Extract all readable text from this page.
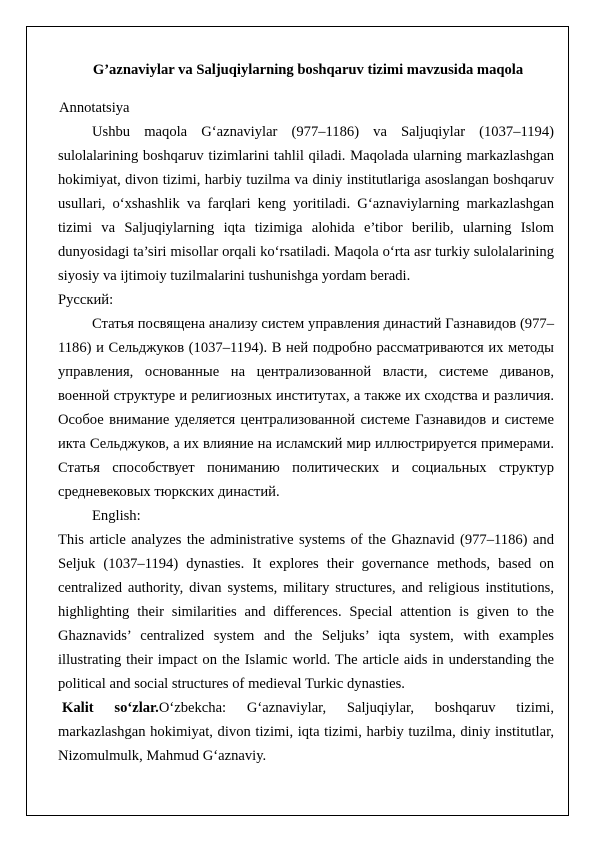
G’aznaviylar va Saljuqiylarning boshqaruv tizimi mavzusida maqola

Annotatsiya

Ushbu maqola G‘aznaviylar (977–1186) va Saljuqiylar (1037–1194) sulolalarining boshqaruv tizimlarini tahlil qiladi. Maqolada ularning markazlashgan hokimiyat, divon tizimi, harbiy tuzilma va diniy institutlariga asoslangan boshqaruv usullari, o‘xshashlik va farqlari keng yoritiladi. G‘aznaviylarning markazlashgan tizimi va Saljuqiylarning iqta tizimiga alohida e’tibor berilib, ularning Islom dunyosidagi ta’siri misollar orqali ko‘rsatiladi. Maqola o‘rta asr turkiy sulolalarining siyosiy va ijtimoiy tuzilmalarini tushunishga yordam beradi.

Русский:

Статья посвящена анализу систем управления династий Газнавидов (977–1186) и Сельджуков (1037–1194). В ней подробно рассматриваются их методы управления, основанные на централизованной власти, системе диванов, военной структуре и религиозных институтах, а также их сходства и различия. Особое внимание уделяется централизованной системе Газнавидов и системе икта Сельджуков, а их влияние на исламский мир иллюстрируется примерами. Статья способствует пониманию политических и социальных структур средневековых тюркских династий.

English:

This article analyzes the administrative systems of the Ghaznavid (977–1186) and Seljuk (1037–1194) dynasties. It explores their governance methods, based on centralized authority, divan systems, military structures, and religious institutions, highlighting their similarities and differences. Special attention is given to the Ghaznavids’ centralized system and the Seljuks’ iqta system, with examples illustrating their impact on the Islamic world. The article aids in understanding the political and social structures of medieval Turkic dynasties.

Kalit so‘zlar.O‘zbekcha: G‘aznaviylar, Saljuqiylar, boshqaruv tizimi, markazlashgan hokimiyat, divon tizimi, iqta tizimi, harbiy tuzilma, diniy institutlar, Nizomulmulk, Mahmud G‘aznaviy.
